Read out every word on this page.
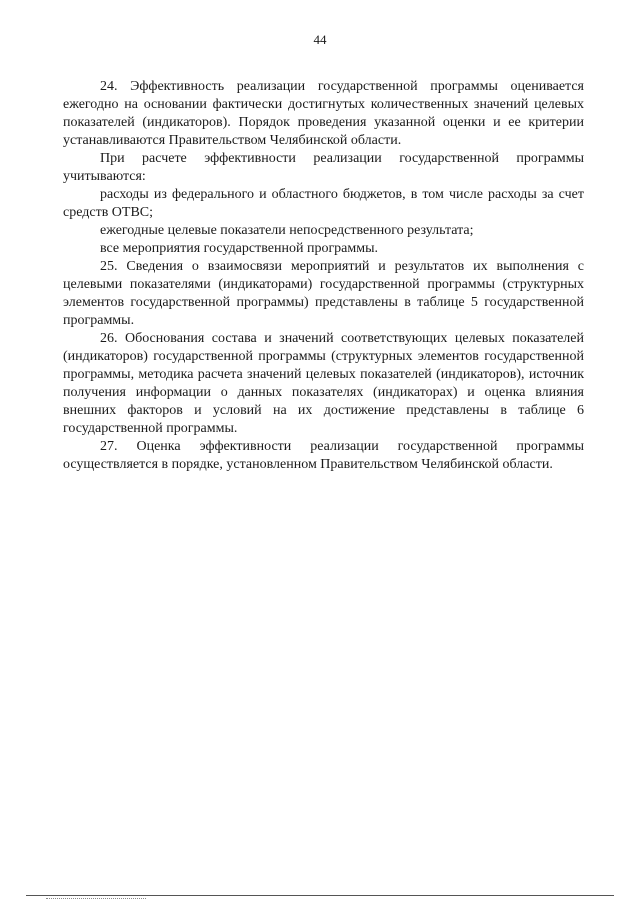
44

24. Эффективность реализации государственной программы оценивается ежегодно на основании фактически достигнутых количественных значений целевых показателей (индикаторов). Порядок проведения указанной оценки и ее критерии устанавливаются Правительством Челябинской области.

При расчете эффективности реализации государственной программы учитываются:

расходы из федерального и областного бюджетов, в том числе расходы за счет средств ОТВС;

ежегодные целевые показатели непосредственного результата;

все мероприятия государственной программы.

25. Сведения о взаимосвязи мероприятий и результатов их выполнения с целевыми показателями (индикаторами) государственной программы (структурных элементов государственной программы) представлены в таблице 5 государственной программы.

26. Обоснования состава и значений соответствующих целевых показателей (индикаторов) государственной программы (структурных элементов государственной программы, методика расчета значений целевых показателей (индикаторов), источник получения информации о данных показателях (индикаторах) и оценка влияния внешних факторов и условий на их достижение представлены в таблице 6 государственной программы.

27. Оценка эффективности реализации государственной программы осуществляется в порядке, установленном Правительством Челябинской области.
